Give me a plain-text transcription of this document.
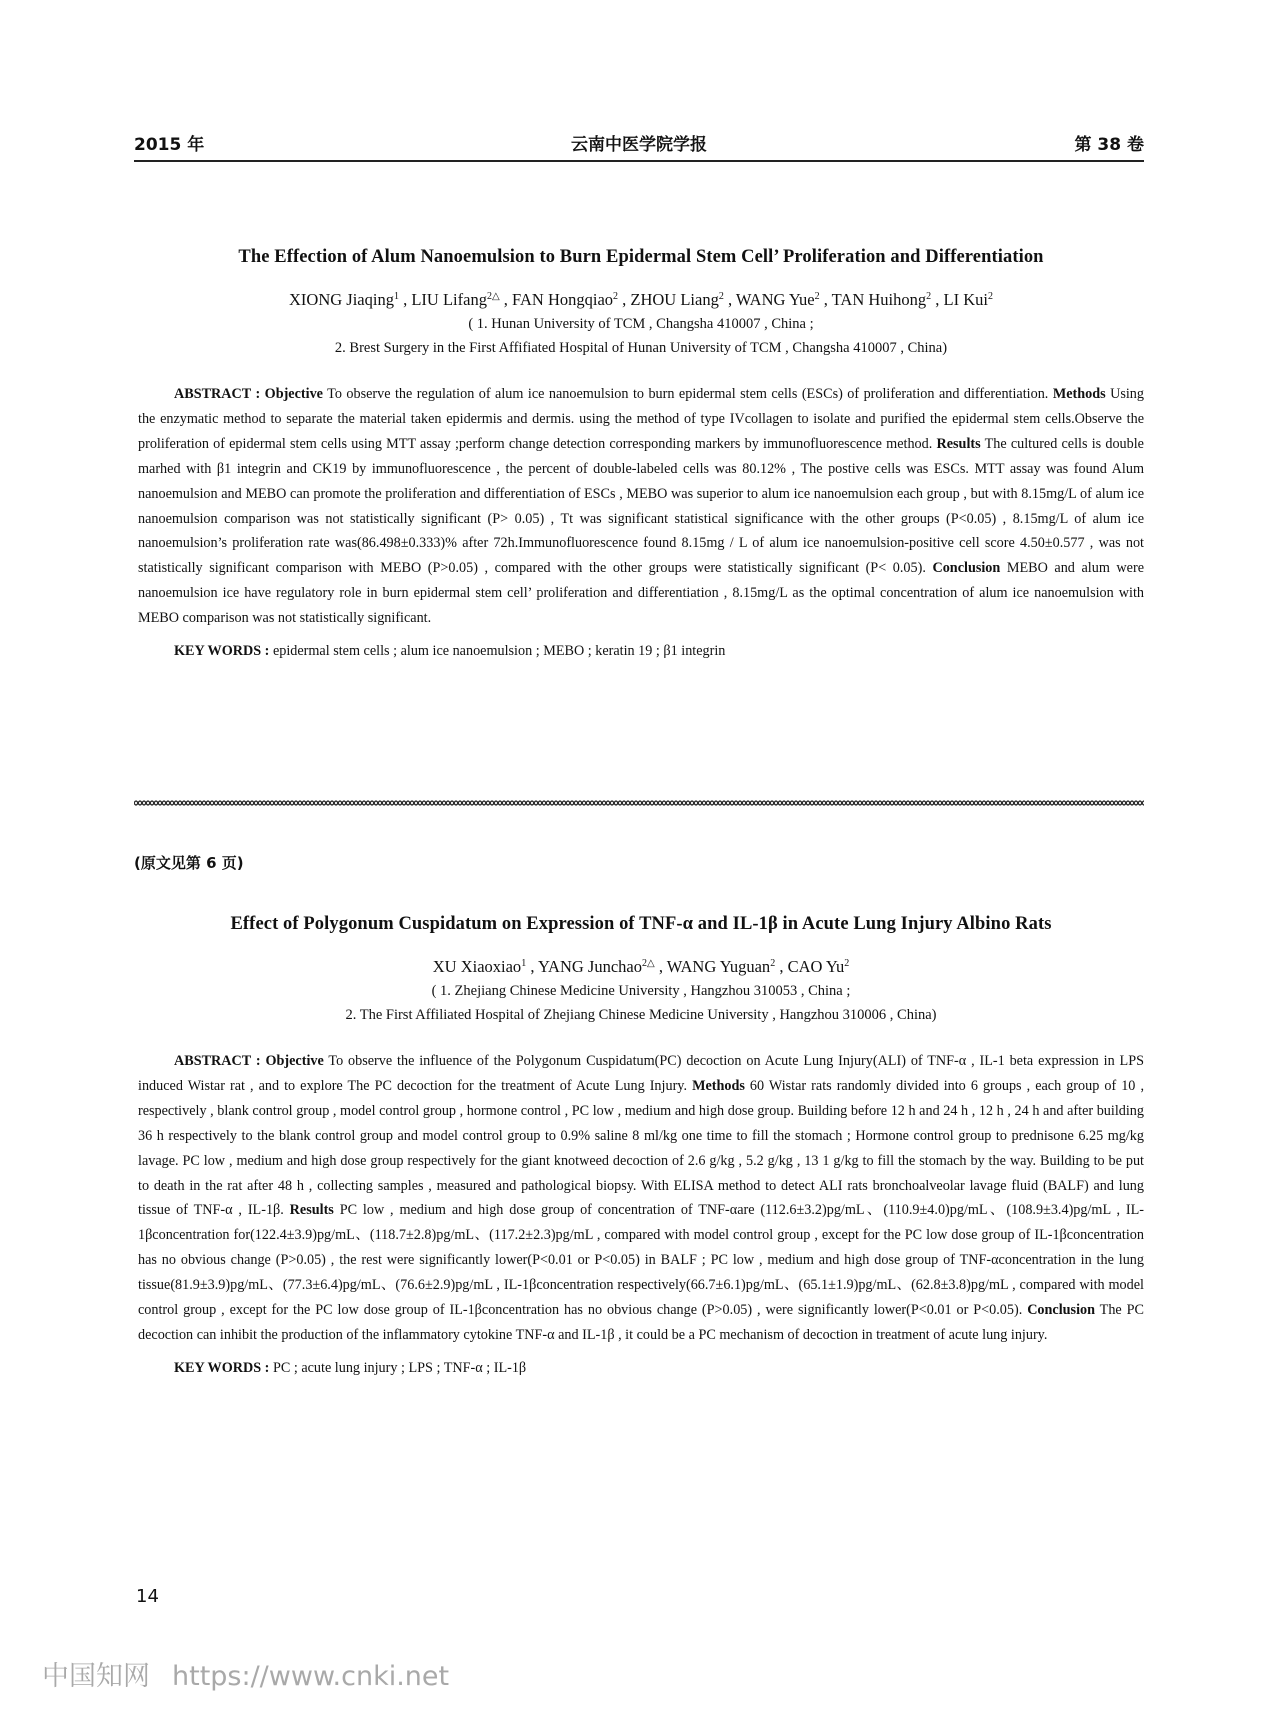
2015 年	云南中医学院学报	第 38 卷
The Effection of Alum Nanoemulsion to Burn Epidermal Stem Cell’ Proliferation and Differentiation
XIONG Jiaqing$^1$ , LIU Lifang$^{2\triangle}$ , FAN Hongqiao$^2$ , ZHOU Liang$^2$ , WANG Yue$^2$ , TAN Huihong$^2$ , LI Kui$^2$
( 1. Hunan University of TCM , Changsha 410007 , China ;
2. Brest Surgery in the First Affifiated Hospital of Hunan University of TCM , Changsha 410007 , China)
ABSTRACT : Objective To observe the regulation of alum ice nanoemulsion to burn epidermal stem cells (ESCs) of proliferation and differentiation. Methods Using the enzymatic method to separate the material taken epidermis and dermis. using the method of type IVcollagen to isolate and purified the epidermal stem cells.Observe the proliferation of epidermal stem cells using MTT assay ;perform change detection corresponding markers by immunofluorescence method. Results The cultured cells is double marhed with β1 integrin and CK19 by immunofluorescence , the percent of double-labeled cells was 80.12% , The postive cells was ESCs. MTT assay was found Alum nanoemulsion and MEBO can promote the proliferation and differentiation of ESCs , MEBO was superior to alum ice nanoemulsion each group , but with 8.15mg/L of alum ice nanoemulsion comparison was not statistically significant (P> 0.05) , Tt was significant statistical significance with the other groups (P<0.05) , 8.15mg/L of alum ice nanoemulsion’s proliferation rate was(86.498±0.333)% after 72h.Immunofluorescence found 8.15mg / L of alum ice nanoemulsion-positive cell score 4.50±0.577 , was not statistically significant comparison with MEBO (P>0.05) , compared with the other groups were statistically significant (P< 0.05). Conclusion MEBO and alum were nanoemulsion ice have regulatory role in burn epidermal stem cell’ proliferation and differentiation , 8.15mg/L as the optimal concentration of alum ice nanoemulsion with MEBO comparison was not statistically significant.
KEY WORDS : epidermal stem cells ; alum ice nanoemulsion ; MEBO ; keratin 19 ; β1 integrin
(原文见第 6 页)
Effect of Polygonum Cuspidatum on Expression of TNF-α and IL-1β in Acute Lung Injury Albino Rats
XU Xiaoxiao$^1$ , YANG Junchao$^{2\triangle}$ , WANG Yuguan$^2$ , CAO Yu$^2$
( 1. Zhejiang Chinese Medicine University , Hangzhou 310053 , China ;
2. The First Affiliated Hospital of Zhejiang Chinese Medicine University , Hangzhou 310006 , China)
ABSTRACT : Objective To observe the influence of the Polygonum Cuspidatum(PC) decoction on Acute Lung Injury(ALI) of TNF-α , IL-1 beta expression in LPS induced Wistar rat , and to explore The PC decoction for the treatment of Acute Lung Injury. Methods 60 Wistar rats randomly divided into 6 groups , each group of 10 , respectively , blank control group , model control group , hormone control , PC low , medium and high dose group. Building before 12 h and 24 h , 12 h , 24 h and after building 36 h respectively to the blank control group and model control group to 0.9% saline 8 ml/kg one time to fill the stomach ; Hormone control group to prednisone 6.25 mg/kg lavage. PC low , medium and high dose group respectively for the giant knotweed decoction of 2.6 g/kg , 5.2 g/kg , 13 1 g/kg to fill the stomach by the way. Building to be put to death in the rat after 48 h , collecting samples , measured and pathological biopsy. With ELISA method to detect ALI rats bronchoalveolar lavage fluid (BALF) and lung tissue of TNF-α , IL-1β. Results PC low , medium and high dose group of concentration of TNF-αare (112.6±3.2)pg/mL、(110.9±4.0)pg/mL、(108.9±3.4)pg/mL , IL-1βconcentration for(122.4±3.9)pg/mL、(118.7±2.8)pg/mL、(117.2±2.3)pg/mL , compared with model control group , except for the PC low dose group of IL-1βconcentration has no obvious change (P>0.05) , the rest were significantly lower(P<0.01 or P<0.05) in BALF ; PC low , medium and high dose group of TNF-αconcentration in the lung tissue(81.9±3.9)pg/mL、(77.3±6.4)pg/mL、(76.6±2.9)pg/mL , IL-1βconcentration respectively(66.7±6.1)pg/mL、(65.1±1.9)pg/mL、(62.8±3.8)pg/mL , compared with model control group , except for the PC low dose group of IL-1βconcentration has no obvious change (P>0.05) , were significantly lower(P<0.01 or P<0.05). Conclusion The PC decoction can inhibit the production of the inflammatory cytokine TNF-α and IL-1β , it could be a PC mechanism of decoction in treatment of acute lung injury.
KEY WORDS : PC ; acute lung injury ; LPS ; TNF-α ; IL-1β
14
中国知网 https://www.cnki.net
